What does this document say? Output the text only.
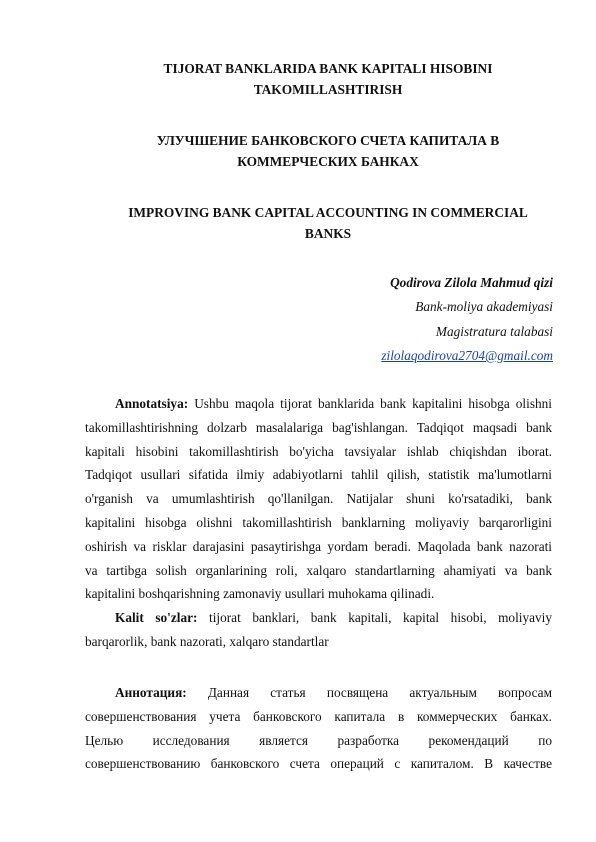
TIJORAT BANKLARIDA BANK KAPITALI HISOBINI
TAKOMILLASHTIRISH
УЛУЧШЕНИЕ БАНКОВСКОГО СЧЕТА КАПИТАЛА В
КОММЕРЧЕСКИХ БАНКАХ
IMPROVING BANK CAPITAL ACCOUNTING IN COMMERCIAL
BANKS
Qodirova Zilola Mahmud qizi
Bank-moliya akademiyasi
Magistratura talabasi
zilolaqodirova2704@gmail.com

Annotatsiya: Ushbu maqola tijorat banklarida bank kapitalini hisobga olishni
takomillashtirishning dolzarb masalalariga bag'ishlangan. Tadqiqot maqsadi bank
kapitali hisobini takomillashtirish bo'yicha tavsiyalar ishlab chiqishdan iborat.
Tadqiqot usullari sifatida ilmiy adabiyotlarni tahlil qilish, statistik ma'lumotlarni
o'rganish va umumlashtirish qo'llanilgan. Natijalar shuni ko'rsatadiki, bank
kapitalini hisobga olishni takomillashtirish banklarning moliyaviy barqarorligini
oshirish va risklar darajasini pasaytirishga yordam beradi. Maqolada bank nazorati
va tartibga solish organlarining roli, xalqaro standartlarning ahamiyati va bank
kapitalini boshqarishning zamonaviy usullari muhokama qilinadi.

Kalit so'zlar: tijorat banklari, bank kapitali, kapital hisobi, moliyaviy
barqarorlik, bank nazorati, xalqaro standartlar

Аннотация: Данная статья посвящена актуальным вопросам
совершенствования учета банковского капитала в коммерческих банках.
Целью исследования является разработка рекомендаций по
совершенствованию банковского счета операций с капиталом. В качестве
